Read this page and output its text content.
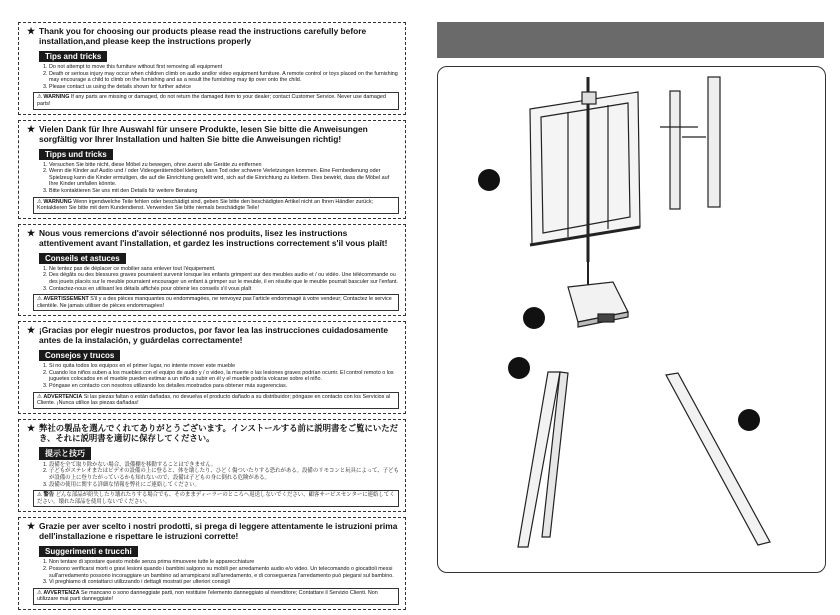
★ Thank you for choosing our products please read the instructions carefully before installation,and please keep the instructions properly
Tips and tricks
1. Do not attempt to move this furniture without first removing all equipment
2. Death or serious injury may occur when children climb on audio and/or video equipment furniture. A remote control or toys placed on the furnishing may encourage a child to climb on the furnishing and as a result the furnishing may tip over onto the child.
3. Please contact us using the details shown for further advice
⚠ WARNING If any parts are missing or damaged, do not return the damaged item to your dealer; contact Customer Service. Never use damaged parts!
★ Vielen Dank für Ihre Auswahl für unsere Produkte, lesen Sie bitte die Anweisungen sorgfältig vor Ihrer Installation und halten Sie bitte die Anweisungen richtig!
Tipps und tricks
1. Versuchen Sie bitte nicht, diese Möbel zu bewegen, ohne zuerst alle Geräte zu entfernen
2. Wenn die Kinder auf Audio und / oder Videogerätemöbel klettern, kann Tod oder schwere Verletzungen kommen. Eine Fernbedienung oder Spielzeug kann die Kinder ermutigen, die auf die Einrichtung gestellt wird, sich auf die Einrichtung zu klettern. Dies bewirkt, dass die Möbel auf Ihre Kinder umfallen könnte.
3. Bitte kontaktieren Sie uns mit den Details für weitere Beratung
⚠ WARNUNG Wenn irgendwelche Teile fehlen oder beschädigt sind, geben Sie bitte den beschädigten Artikel nicht an Ihren Händler zurück; Kontaktieren Sie bitte mit dem Kundendienst. Verwenden Sie bitte niemals beschädigte Teile!
★ Nous vous remercions d'avoir sélectionné nos produits, lisez les instructions attentivement avant l'installation, et gardez les instructions correctement s'il vous plaît!
Conseils et astuces
1. Ne tentez pas de déplacer ce mobilier sans enlever tout l'équipement.
2. Des dégâts ou des blessures graves pourraient survenir lorsque les enfants grimpent sur des meubles audio et / ou vidéo. Une télécommande ou des jouets placés sur le meuble pourraient encourager un enfant à grimper sur le meuble, il en résulte que le meuble pourrait basculer sur l'enfant.
3. Contactez-nous en utilisant les détails affichés pour obtenir les conseils s'il vous plaît
⚠ AVERTISSEMENT S'il y a des pièces manquantes ou endommagées, ne renvoyez pas l'article endommagé à votre vendeur; Contactez le service clientèle. Ne jamais utiliser de pièces endommagées!
★ ¡Gracias por elegir nuestros productos, por favor lea las instrucciones cuidadosamente antes de la instalación, y guárdelas correctamente!
Consejos y trucos
1. Si no quita todos los equipos en el primer lugar, no intente mover este mueble
2. Cuando los niños suben a los muebles con el equipo de audio y / o video, la muerte o las lesiones graves podrían ocurrir. El control remoto o los juguetes colocados en el mueble pueden estimar a un niño a subir en él y el mueble podría volcarse sobre el niño.
3. Póngase en contacto con nosotros utilizando los detalles mostrados para obtener más sugerencias.
⚠ ADVERTENCIA Si las piezas faltan o están dañadas, no devuelva el producto dañado a su distribuidor; póngase en contacto con los Servicios al Cliente. ¡Nunca utilice las piezas dañadas!
★ 弊社の製品を選んでくれてありがとうございます。インストールする前に説明書をご覧にいただき、それに説明書を適切に保存してください。
提示と技巧
1. 設備を全て取り除かない場合、設備棚を移動することはできません。
2. 子どもがステレオまたはビデオの設備の上に登ると、体を壊したり、ひどく傷ついたりする恐れがある。設備のリモコンと玩具によって、子どもが設備の上に登りたがっているかも知れないので、設備は子どもの身に倒れる危険がある。
3. 設備の使用に関する詳細な情報を弊社にご連絡してください。
⚠ 警告 どんな部品が紛失したり壊れたりする場合でも、そのままディーラーのところへ返送しないでください、顧客サービスセンターに連絡してください。壊れた部品を使用しないでください。
★ Grazie per aver scelto i nostri prodotti, si prega di leggere attentamente le istruzioni prima dell'installazione e rispettare le istruzioni corrette!
Suggerimenti e trucchi
1. Non tentare di spostare questo mobile senza prima rimuovere tutte le apparecchiature
2. Possono verificarsi morti o gravi lesioni quando i bambini salgono su mobili per arredamento audio e/o video. Un telecomando o giocattoli messi sull'arredamento possono incoraggiare un bambino ad arrampicarsi sull'arredamento, e di conseguenza l'arredamento può piegarsi sul bambino.
3. Vi preghiamo di contattarci utilizzando i dettagli mostrati per ulteriori consigli
⚠ AVVERTENZA Se mancano o sono danneggiate parti, non restituire l'elemento danneggiato al rivenditore; Contattare il Servizio Clienti. Non utilizzare mai parti danneggiate!
